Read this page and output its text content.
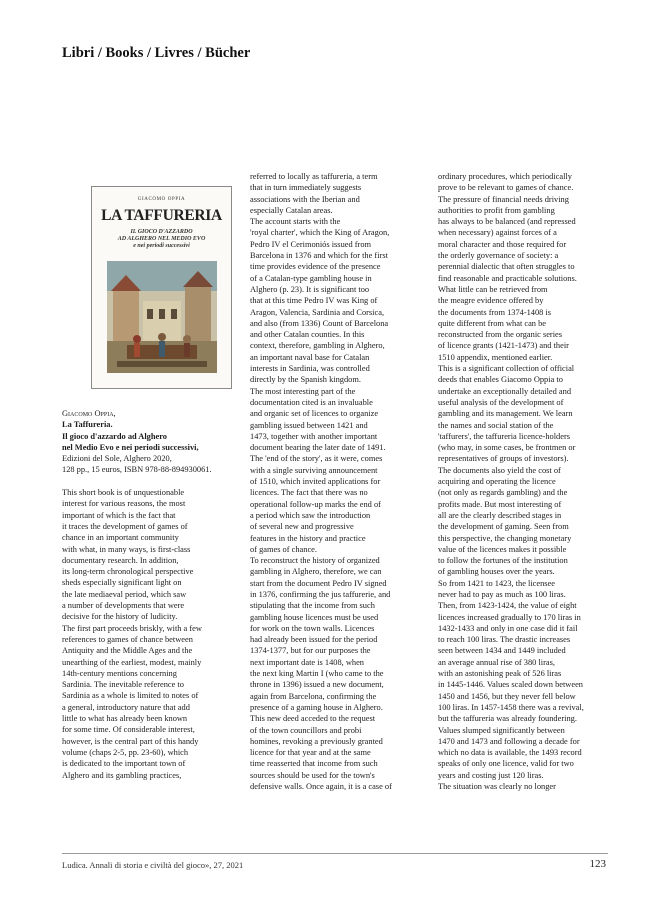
Libri / Books / Livres / Bücher
GIACOMO OPPIA
LA TAFFURERIA
IL GIOCO D'AZZARDO
AD ALGHERO NEL MEDIO EVO
e nei periodi successivi
Giacomo Oppia,
La Taffureria.
Il gioco d'azzardo ad Alghero
nel Medio Evo e nei periodi successivi,
Edizioni del Sole, Alghero 2020,
128 pp., 15 euros, ISBN 978-88-894930061.
This short book is of unquestionable
interest for various reasons, the most
important of which is the fact that
it traces the development of games of
chance in an important community
with what, in many ways, is first-class
documentary research. In addition,
its long-term chronological perspective
sheds especially significant light on
the late mediaeval period, which saw
a number of developments that were
decisive for the history of ludicity.
The first part proceeds briskly, with a few
references to games of chance between
Antiquity and the Middle Ages and the
unearthing of the earliest, modest, mainly
14th-century mentions concerning
Sardinia. The inevitable reference to
Sardinia as a whole is limited to notes of
a general, introductory nature that add
little to what has already been known
for some time. Of considerable interest,
however, is the central part of this handy
volume (chaps 2-5, pp. 23-60), which
is dedicated to the important town of
Alghero and its gambling practices,
referred to locally as taffureria, a term
that in turn immediately suggests
associations with the Iberian and
especially Catalan areas.
The account starts with the
'royal charter', which the King of Aragon,
Pedro IV el Cerimoniós issued from
Barcelona in 1376 and which for the first
time provides evidence of the presence
of a Catalan-type gambling house in
Alghero (p. 23). It is significant too
that at this time Pedro IV was King of
Aragon, Valencia, Sardinia and Corsica,
and also (from 1336) Count of Barcelona
and other Catalan counties. In this
context, therefore, gambling in Alghero,
an important naval base for Catalan
interests in Sardinia, was controlled
directly by the Spanish kingdom.
The most interesting part of the
documentation cited is an invaluable
and organic set of licences to organize
gambling issued between 1421 and
1473, together with another important
document bearing the later date of 1491.
The 'end of the story', as it were, comes
with a single surviving announcement
of 1510, which invited applications for
licences. The fact that there was no
operational follow-up marks the end of
a period which saw the introduction
of several new and progressive
features in the history and practice
of games of chance.
To reconstruct the history of organized
gambling in Alghero, therefore, we can
start from the document Pedro IV signed
in 1376, confirming the jus taffurerie, and
stipulating that the income from such
gambling house licences must be used
for work on the town walls. Licences
had already been issued for the period
1374-1377, but for our purposes the
next important date is 1408, when
the next king Martin I (who came to the
throne in 1396) issued a new document,
again from Barcelona, confirming the
presence of a gaming house in Alghero.
This new deed acceded to the request
of the town councillors and probi
homines, revoking a previously granted
licence for that year and at the same
time reasserted that income from such
sources should be used for the town's
defensive walls. Once again, it is a case of
ordinary procedures, which periodically
prove to be relevant to games of chance.
The pressure of financial needs driving
authorities to profit from gambling
has always to be balanced (and repressed
when necessary) against forces of a
moral character and those required for
the orderly governance of society: a
perennial dialectic that often struggles to
find reasonable and practicable solutions.
What little can be retrieved from
the meagre evidence offered by
the documents from 1374-1408 is
quite different from what can be
reconstructed from the organic series
of licence grants (1421-1473) and their
1510 appendix, mentioned earlier.
This is a significant collection of official
deeds that enables Giacomo Oppia to
undertake an exceptionally detailed and
useful analysis of the development of
gambling and its management. We learn
the names and social station of the
'taffurers', the taffureria licence-holders
(who may, in some cases, be frontmen or
representatives of groups of investors).
The documents also yield the cost of
acquiring and operating the licence
(not only as regards gambling) and the
profits made. But most interesting of
all are the clearly described stages in
the development of gaming. Seen from
this perspective, the changing monetary
value of the licences makes it possible
to follow the fortunes of the institution
of gambling houses over the years.
So from 1421 to 1423, the licensee
never had to pay as much as 100 liras.
Then, from 1423-1424, the value of eight
licences increased gradually to 170 liras in
1432-1433 and only in one case did it fail
to reach 100 liras. The drastic increases
seen between 1434 and 1449 included
an average annual rise of 380 liras,
with an astonishing peak of 526 liras
in 1445-1446. Values scaled down between
1450 and 1456, but they never fell below
100 liras. In 1457-1458 there was a revival,
but the taffureria was already foundering.
Values slumped significantly between
1470 and 1473 and following a decade for
which no data is available, the 1493 record
speaks of only one licence, valid for two
years and costing just 120 liras.
The situation was clearly no longer
Ludica. Annali di storia e civiltà del gioco», 27, 2021	123
